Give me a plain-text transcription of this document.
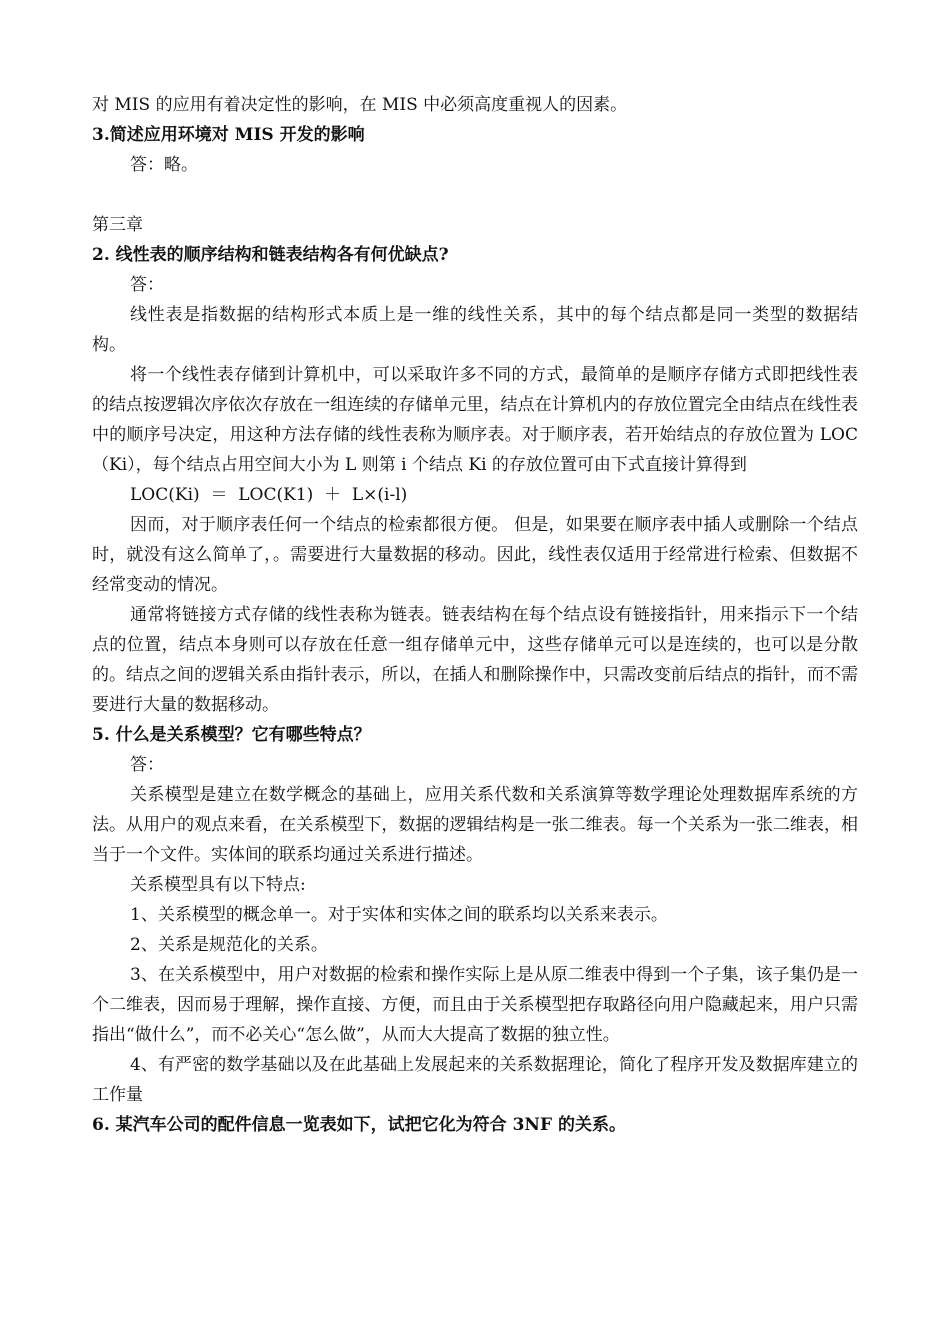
对 MIS 的应用有着决定性的影响，在 MIS 中必须高度重视人的因素。
3.简述应用环境对 MIS 开发的影响
答：略。
第三章
2. 线性表的顺序结构和链表结构各有何优缺点?
答：
线性表是指数据的结构形式本质上是一维的线性关系，其中的每个结点都是同一类型的数据结构。
将一个线性表存储到计算机中，可以采取许多不同的方式，最简单的是顺序存储方式即把线性表的结点按逻辑次序依次存放在一组连续的存储单元里，结点在计算机内的存放位置完全由结点在线性表中的顺序号决定，用这种方法存储的线性表称为顺序表。对于顺序表，若开始结点的存放位置为 LOC（Ki），每个结点占用空间大小为 L 则第 i 个结点 Ki 的存放位置可由下式直接计算得到
LOC(Ki)  ＝  LOC(K1)  ＋  L×(i-l)
因而，对于顺序表任何一个结点的检索都很方便。 但是，如果要在顺序表中插人或删除一个结点时，就没有这么简单了，。需要进行大量数据的移动。因此，线性表仅适用于经常进行检索、但数据不经常变动的情况。
通常将链接方式存储的线性表称为链表。链表结构在每个结点设有链接指针，用来指示下一个结点的位置，结点本身则可以存放在任意一组存储单元中，这些存储单元可以是连续的，也可以是分散的。结点之间的逻辑关系由指针表示，所以，在插人和删除操作中，只需改变前后结点的指针，而不需要进行大量的数据移动。
5. 什么是关系模型？它有哪些特点？
答：
关系模型是建立在数学概念的基础上，应用关系代数和关系演算等数学理论处理数据库系统的方法。从用户的观点来看，在关系模型下，数据的逻辑结构是一张二维表。每一个关系为一张二维表，相当于一个文件。实体间的联系均通过关系进行描述。
关系模型具有以下特点:
1、关系模型的概念单一。对于实体和实体之间的联系均以关系来表示。
2、关系是规范化的关系。
3、在关系模型中，用户对数据的检索和操作实际上是从原二维表中得到一个子集，该子集仍是一个二维表，因而易于理解，操作直接、方便，而且由于关系模型把存取路径向用户隐藏起来，用户只需指出“做什么”，而不必关心“怎么做”，从而大大提高了数据的独立性。
4、有严密的数学基础以及在此基础上发展起来的关系数据理论，简化了程序开发及数据库建立的工作量
6. 某汽车公司的配件信息一览表如下，试把它化为符合 3NF 的关系。
